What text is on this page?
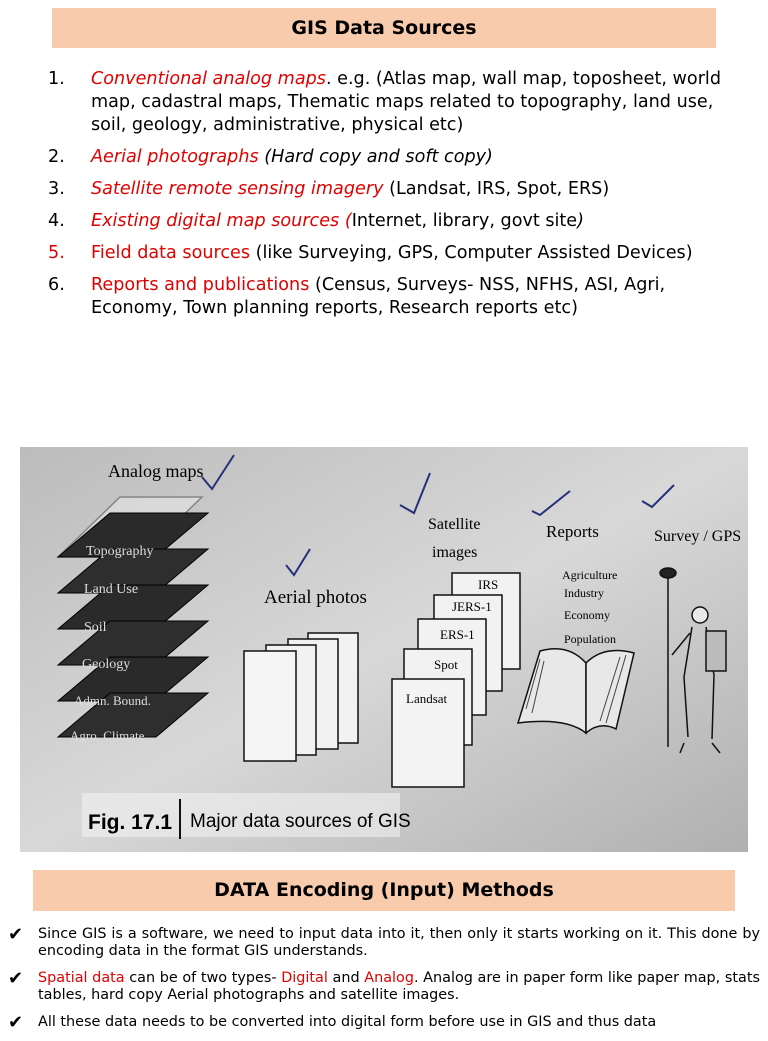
GIS Data Sources
1.	Conventional analog maps. e.g. (Atlas map, wall map, toposheet, world map, cadastral maps, Thematic maps related to topography, land use, soil, geology, administrative, physical etc)
2.	Aerial photographs (Hard copy and soft copy)
3.	Satellite remote sensing imagery (Landsat, IRS, Spot, ERS)
4.	Existing digital map sources (Internet, library, govt site)
5.	Field data sources (like Surveying, GPS, Computer Assisted Devices)
6.	Reports and publications (Census, Surveys- NSS, NFHS, ASI, Agri, Economy, Town planning reports, Research reports etc)
Analog maps
Topography
Land Use
Soil
Geology
Admn. Bound.
Agro. Climate
Aerial photos
Satellite
images
IRS
JERS-1
ERS-1
Spot
Landsat
Reports
Agriculture
Industry
Economy
Population
Survey / GPS
Fig. 17.1 Major data sources of GIS
DATA Encoding (Input) Methods
✔	Since GIS is a software, we need to input data into it, then only it starts working on it. This done by encoding data in the format GIS understands.
✔	Spatial data can be of two types- Digital and Analog. Analog are in paper form like paper map, stats tables, hard copy Aerial photographs and satellite images.
✔	All these data needs to be converted into digital form before use in GIS and thus data
